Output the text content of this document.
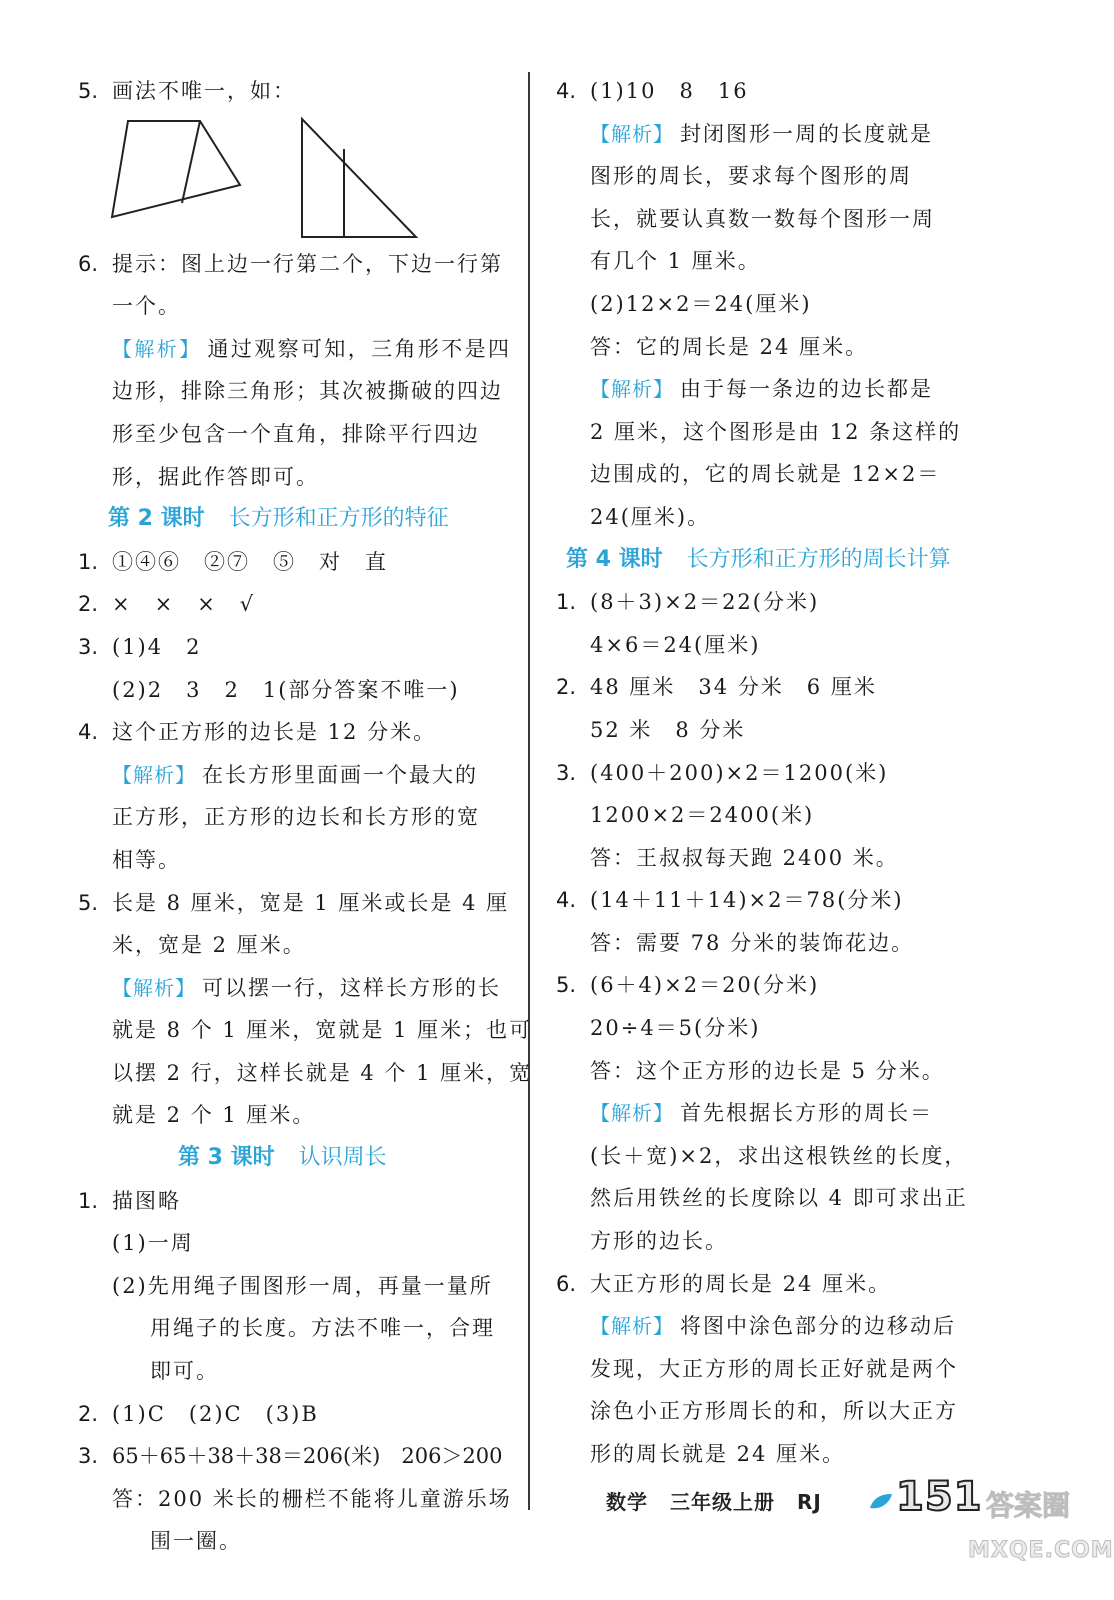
5. 画法不唯一，如：
6. 提示：图上边一行第二个，下边一行第
一个。
【解析】 通过观察可知，三角形不是四
边形，排除三角形；其次被撕破的四边
形至少包含一个直角，排除平行四边
形，据此作答即可。
第 2 课时 长方形和正方形的特征
1. ①④⑥　②⑦　⑤　对　直
2. ×　×　×　√
3. (1)4　2
(2)2　3　2　1(部分答案不唯一)
4. 这个正方形的边长是 12 分米。
【解析】 在长方形里面画一个最大的
正方形，正方形的边长和长方形的宽
相等。
5. 长是 8 厘米，宽是 1 厘米或长是 4 厘
米，宽是 2 厘米。
【解析】 可以摆一行，这样长方形的长
就是 8 个 1 厘米，宽就是 1 厘米；也可
以摆 2 行，这样长就是 4 个 1 厘米，宽
就是 2 个 1 厘米。
第 3 课时 认识周长
1. 描图略
(1)一周
(2)先用绳子围图形一周，再量一量所
用绳子的长度。方法不唯一，合理
即可。
2. (1)C　(2)C　(3)B
3. 65＋65＋38＋38＝206(米)　206＞200
答：200 米长的栅栏不能将儿童游乐场
围一圈。
4. (1)10　8　16
【解析】 封闭图形一周的长度就是
图形的周长，要求每个图形的周
长，就要认真数一数每个图形一周
有几个 1 厘米。
(2)12×2＝24(厘米)
答：它的周长是 24 厘米。
【解析】 由于每一条边的边长都是
2 厘米，这个图形是由 12 条这样的
边围成的，它的周长就是 12×2＝
24(厘米)。
第 4 课时 长方形和正方形的周长计算
1. (8＋3)×2＝22(分米)
4×6＝24(厘米)
2. 48 厘米　34 分米　6 厘米
52 米　8 分米
3. (400＋200)×2＝1200(米)
1200×2＝2400(米)
答：王叔叔每天跑 2400 米。
4. (14＋11＋14)×2＝78(分米)
答：需要 78 分米的装饰花边。
5. (6＋4)×2＝20(分米)
20÷4＝5(分米)
答：这个正方形的边长是 5 分米。
【解析】 首先根据长方形的周长＝
(长＋宽)×2，求出这根铁丝的长度，
然后用铁丝的长度除以 4 即可求出正
方形的边长。
6. 大正方形的周长是 24 厘米。
【解析】 将图中涂色部分的边移动后
发现，大正方形的周长正好就是两个
涂色小正方形周长的和，所以大正方
形的周长就是 24 厘米。
数学 三年级上册 RJ	151 答案圈
MXQE.COM
